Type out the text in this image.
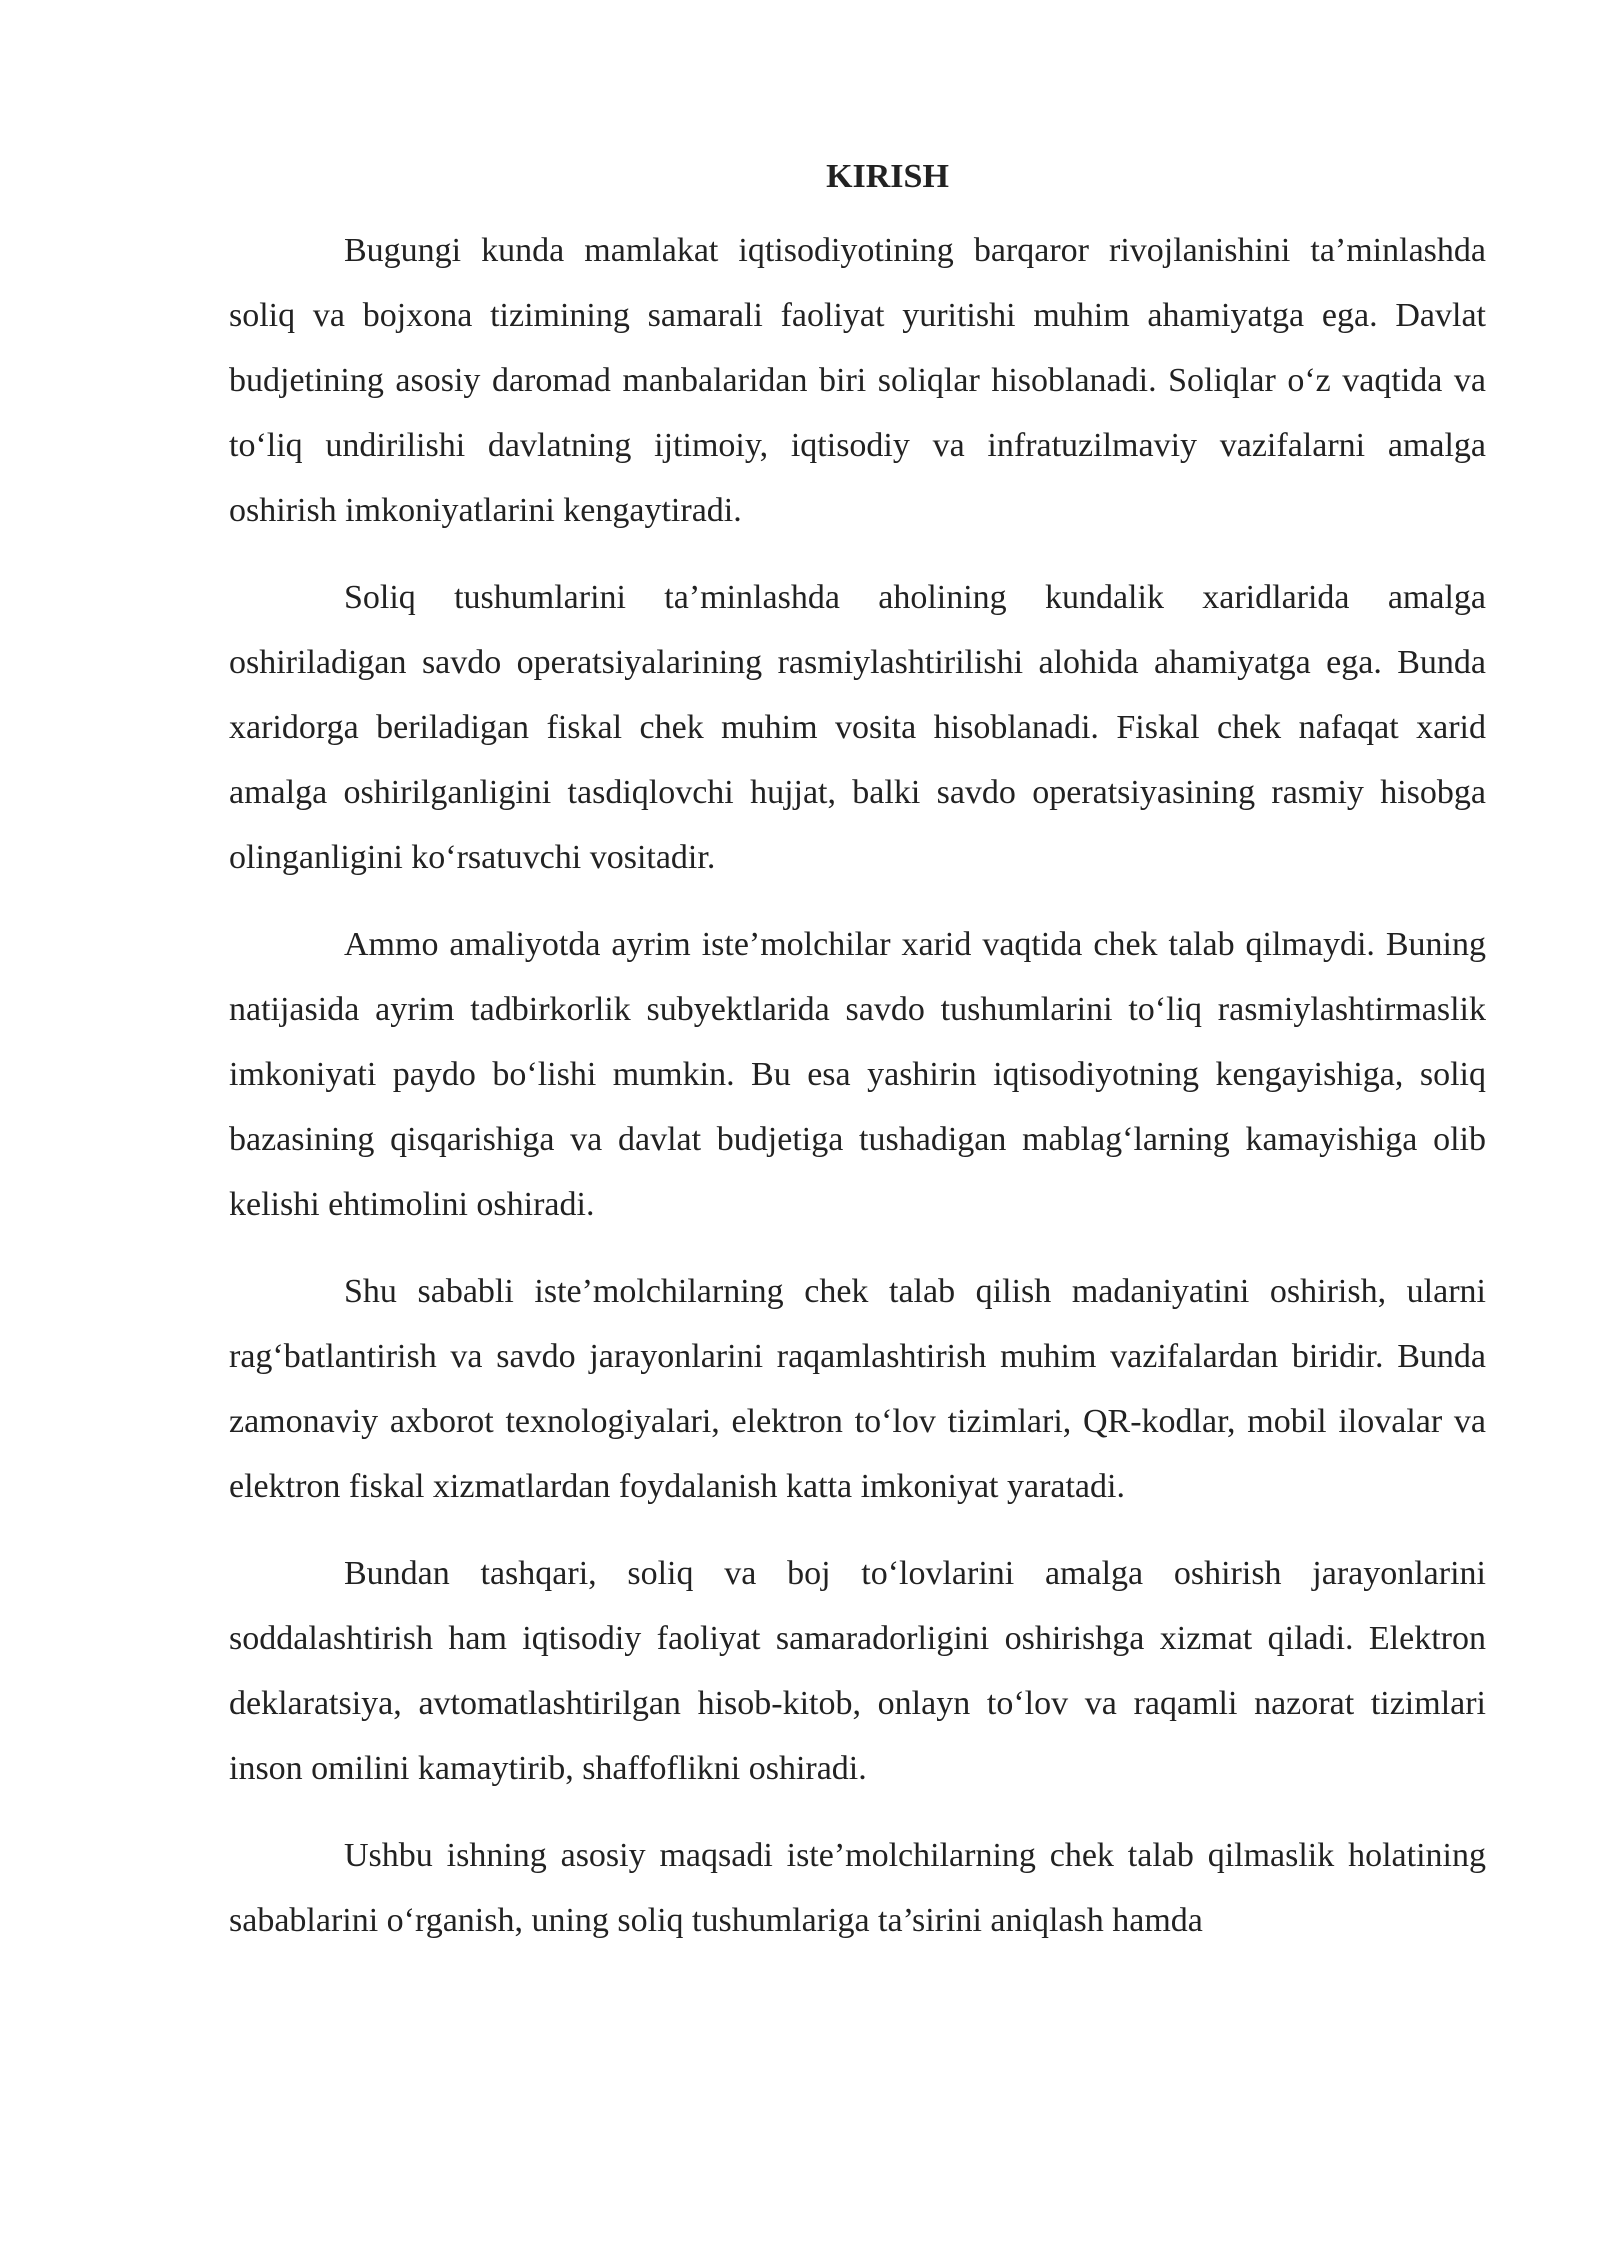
KIRISH

Bugungi kunda mamlakat iqtisodiyotining barqaror rivojlanishini ta’minlashda soliq va bojxona tizimining samarali faoliyat yuritishi muhim ahamiyatga ega. Davlat budjetining asosiy daromad manbalaridan biri soliqlar hisoblanadi. Soliqlar o‘z vaqtida va to‘liq undirilishi davlatning ijtimoiy, iqtisodiy va infratuzilmaviy vazifalarni amalga oshirish imkoniyatlarini kengaytiradi.

Soliq tushumlarini ta’minlashda aholining kundalik xaridlarida amalga oshiriladigan savdo operatsiyalarining rasmiylashtirilishi alohida ahamiyatga ega. Bunda xaridorga beriladigan fiskal chek muhim vosita hisoblanadi. Fiskal chek nafaqat xarid amalga oshirilganligini tasdiqlovchi hujjat, balki savdo operatsiyasining rasmiy hisobga olinganligini ko‘rsatuvchi vositadir.

Ammo amaliyotda ayrim iste’molchilar xarid vaqtida chek talab qilmaydi. Buning natijasida ayrim tadbirkorlik subyektlarida savdo tushumlarini to‘liq rasmiylashtirmaslik imkoniyati paydo bo‘lishi mumkin. Bu esa yashirin iqtisodiyotning kengayishiga, soliq bazasining qisqarishiga va davlat budjetiga tushadigan mablag‘larning kamayishiga olib kelishi ehtimolini oshiradi.

Shu sababli iste’molchilarning chek talab qilish madaniyatini oshirish, ularni rag‘batlantirish va savdo jarayonlarini raqamlashtirish muhim vazifalardan biridir. Bunda zamonaviy axborot texnologiyalari, elektron to‘lov tizimlari, QR-kodlar, mobil ilovalar va elektron fiskal xizmatlardan foydalanish katta imkoniyat yaratadi.

Bundan tashqari, soliq va boj to‘lovlarini amalga oshirish jarayonlarini soddalashtirish ham iqtisodiy faoliyat samaradorligini oshirishga xizmat qiladi. Elektron deklaratsiya, avtomatlashtirilgan hisob-kitob, onlayn to‘lov va raqamli nazorat tizimlari inson omilini kamaytirib, shaffoflikni oshiradi.

Ushbu ishning asosiy maqsadi iste’molchilarning chek talab qilmaslik holatining sabablarini o‘rganish, uning soliq tushumlariga ta’sirini aniqlash hamda
